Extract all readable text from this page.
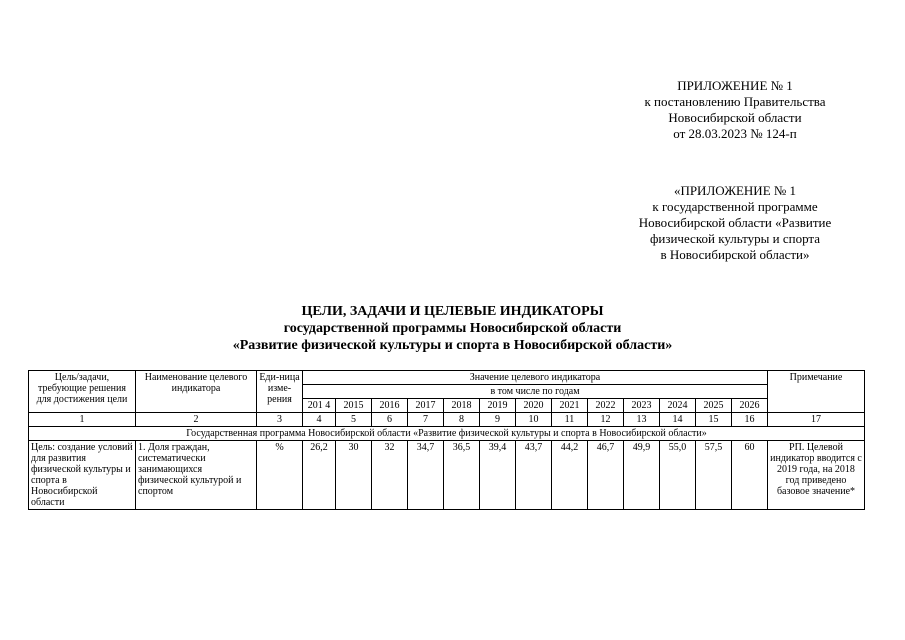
ПРИЛОЖЕНИЕ № 1
к постановлению Правительства
Новосибирской области
от 28.03.2023 № 124-п
«ПРИЛОЖЕНИЕ № 1
к государственной программе
Новосибирской области «Развитие
физической культуры и спорта
в Новосибирской области»
ЦЕЛИ, ЗАДАЧИ И ЦЕЛЕВЫЕ ИНДИКАТОРЫ
государственной программы Новосибирской области
«Развитие физической культуры и спорта в Новосибирской области»
Цель/задачи, требующие решения для достижения цели	Наименование целевого индикатора	Еди-ница изме-рения	Значение целевого индикатора													Примечание
			в том числе по годам													
			201 4	2015	2016	2017	2018	2019	2020	2021	2022	2023	2024	2025	2026	
1	2	3	4	5	6	7	8	9	10	11	12	13	14	15	16	17
Государственная программа Новосибирской области «Развитие физической культуры и спорта в Новосибирской области»																
Цель: создание условий для развития физической культуры и спорта в Новосибирской области	1. Доля граждан, систематически занимающихся физической культурой и спортом	%	26,2	30	32	34,7	36,5	39,4	43,7	44,2	46,7	49,9	55,0	57,5	60	РП. Целевой индикатор вводится с 2019 года, на 2018 год приведено базовое значение*
